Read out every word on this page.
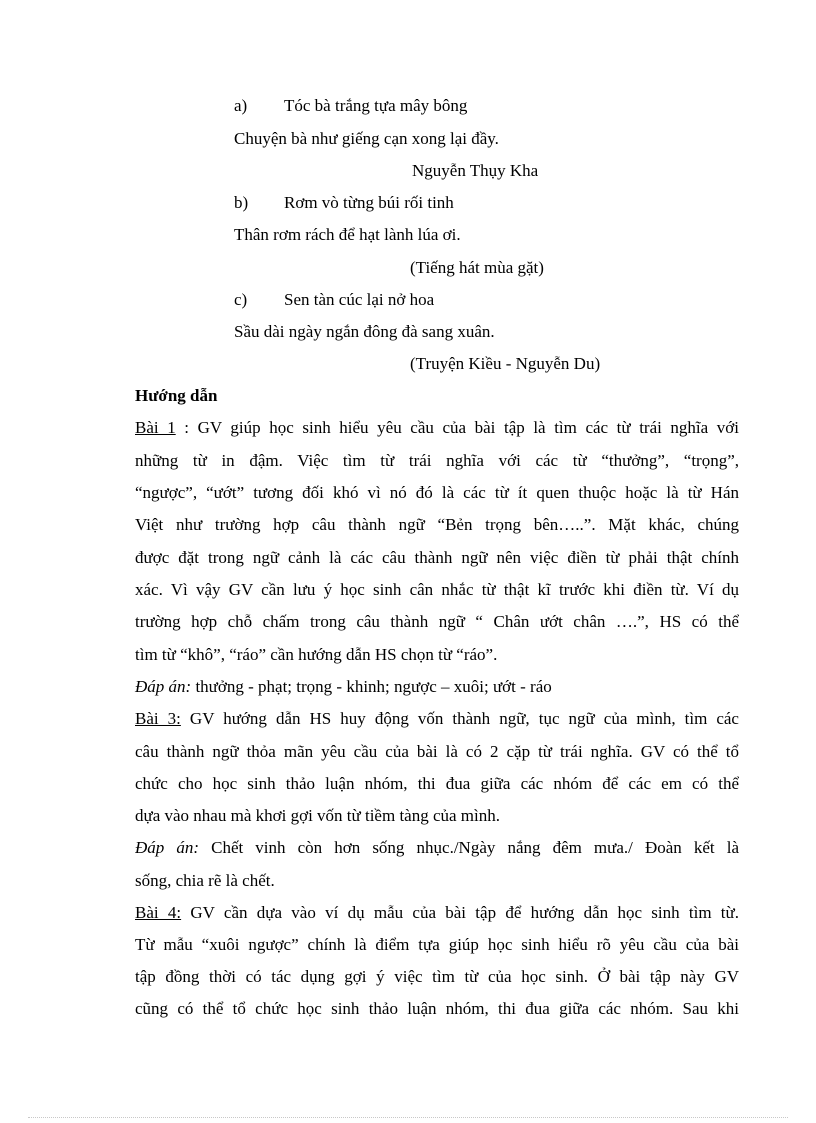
a) Tóc bà trắng tựa mây bông
Chuyện bà như giếng cạn xong lại đầy.
Nguyễn Thụy Kha
b) Rơm vò từng búi rối tinh
Thân rơm rách để hạt lành lúa ơi.
(Tiếng hát mùa gặt)
c) Sen tàn cúc lại nở hoa
Sầu dài ngày ngắn đông đà sang xuân.
(Truyện Kiều - Nguyễn Du)
Hướng dẫn
Bài 1 : GV giúp học sinh hiểu yêu cầu của bài tập là tìm các từ trái nghĩa với
những từ in đậm. Việc tìm từ trái nghĩa với các từ “thưởng”, “trọng”,
“ngược”, “ướt” tương đối khó vì nó đó là các từ ít quen thuộc hoặc là từ Hán
Việt như trường hợp câu thành ngữ “Bẻn trọng bên…..”. Mặt khác, chúng
được đặt trong ngữ cảnh là các câu thành ngữ nên việc điền từ phải thật chính
xác. Vì vậy GV cần lưu ý học sinh cân nhắc từ thật kĩ trước khi điền từ. Ví dụ
trường hợp chỗ chấm trong câu thành ngữ “ Chân ướt chân ….”, HS có thể
tìm từ “khô”, “ráo” cần hướng dẫn HS chọn từ “ráo”.
Đáp án: thưởng - phạt; trọng - khinh; ngược – xuôi; ướt - ráo
Bài 3: GV hướng dẫn HS huy động vốn thành ngữ, tục ngữ của mình, tìm các
câu thành ngữ thỏa mãn yêu cầu của bài là có 2 cặp từ trái nghĩa. GV có thể tổ
chức cho học sinh thảo luận nhóm, thi đua giữa các nhóm để các em có thể
dựa vào nhau mà khơi gợi vốn từ tiềm tàng của mình.
Đáp án: Chết vinh còn hơn sống nhục./Ngày nắng đêm mưa./ Đoàn kết là
sống, chia rẽ là chết.
Bài 4: GV cần dựa vào ví dụ mẫu của bài tập để hướng dẫn học sinh tìm từ.
Từ mẫu “xuôi ngược” chính là điểm tựa giúp học sinh hiểu rõ yêu cầu của bài
tập đồng thời có tác dụng gợi ý việc tìm từ của học sinh. Ở bài tập này GV
cũng có thể tổ chức học sinh thảo luận nhóm, thi đua giữa các nhóm. Sau khi
